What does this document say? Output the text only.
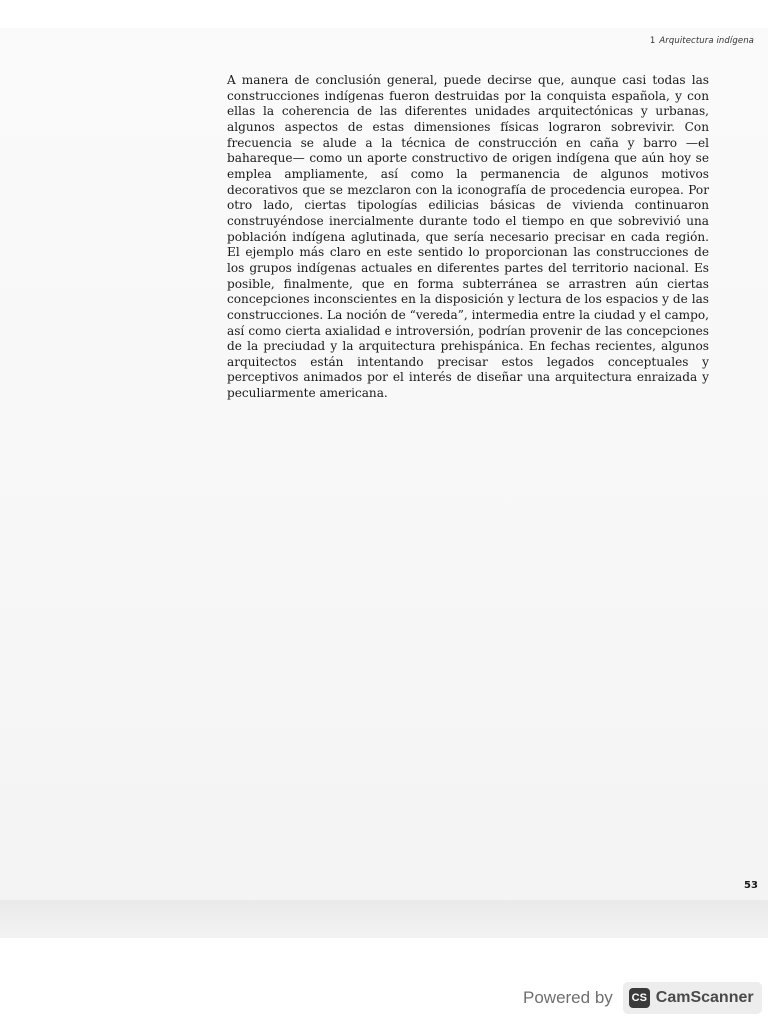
1 Arquitectura indígena

A manera de conclusión general, puede decirse que, aunque casi todas las construcciones indígenas fueron destruidas por la conquista española, y con ellas la coherencia de las diferentes unidades arquitectónicas y urbanas, algunos aspectos de estas dimensiones físicas lograron sobrevivir. Con frecuencia se alude a la técnica de construcción en caña y barro —el bahareque— como un aporte constructivo de origen indígena que aún hoy se emplea ampliamente, así como la permanencia de algunos motivos decorativos que se mezclaron con la iconografía de procedencia europea. Por otro lado, ciertas tipologías edilicias básicas de vivienda continuaron construyéndose inercialmente durante todo el tiempo en que sobrevivió una población indígena aglutinada, que sería necesario precisar en cada región. El ejemplo más claro en este sentido lo proporcionan las construcciones de los grupos indígenas actuales en diferentes partes del territorio nacional. Es posible, finalmente, que en forma subterránea se arrastren aún ciertas concepciones inconscientes en la disposición y lectura de los espacios y de las construcciones. La noción de “vereda”, intermedia entre la ciudad y el campo, así como cierta axialidad e introversión, podrían provenir de las concepciones de la preciudad y la arquitectura prehispánica. En fechas recientes, algunos arquitectos están intentando precisar estos legados conceptuales y perceptivos animados por el interés de diseñar una arquitectura enraizada y peculiarmente americana.

53
Powered by CS CamScanner
